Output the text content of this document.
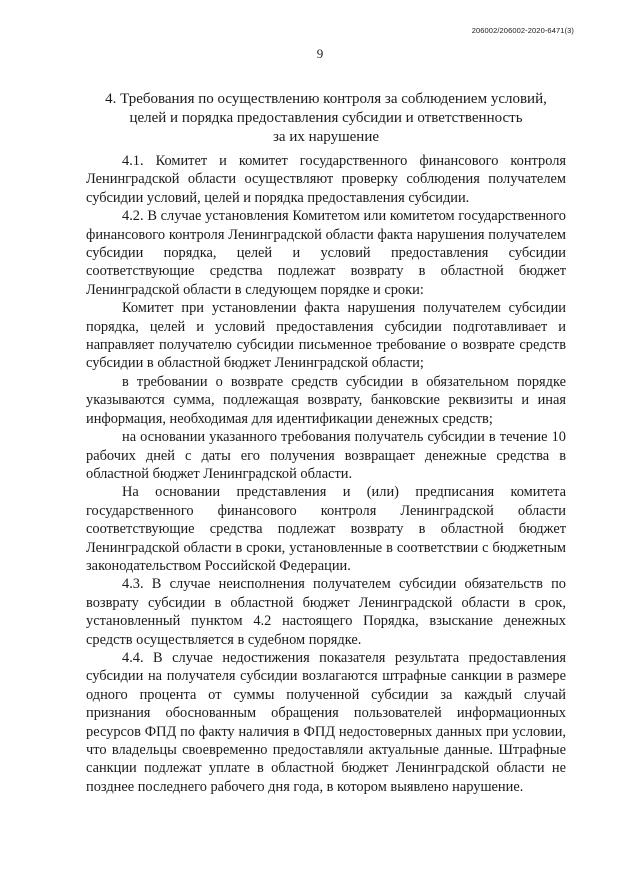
206002/206002-2020-6471(3)
9
4. Требования по осуществлению контроля за соблюдением условий,
целей и порядка предоставления субсидии и ответственность
за их нарушение

4.1. Комитет и комитет государственного финансового контроля Ленинградской области осуществляют проверку соблюдения получателем субсидии условий, целей и порядка предоставления субсидии.

4.2. В случае установления Комитетом или комитетом государственного финансового контроля Ленинградской области факта нарушения получателем субсидии порядка, целей и условий предоставления субсидии соответствующие средства подлежат возврату в областной бюджет Ленинградской области в следующем порядке и сроки:

Комитет при установлении факта нарушения получателем субсидии порядка, целей и условий предоставления субсидии подготавливает и направляет получателю субсидии письменное требование о возврате средств субсидии в областной бюджет Ленинградской области;

в требовании о возврате средств субсидии в обязательном порядке указываются сумма, подлежащая возврату, банковские реквизиты и иная информация, необходимая для идентификации денежных средств;

на основании указанного требования получатель субсидии в течение 10 рабочих дней с даты его получения возвращает денежные средства в областной бюджет Ленинградской области.

На основании представления и (или) предписания комитета государственного финансового контроля Ленинградской области соответствующие средства подлежат возврату в областной бюджет Ленинградской области в сроки, установленные в соответствии с бюджетным законодательством Российской Федерации.

4.3. В случае неисполнения получателем субсидии обязательств по возврату субсидии в областной бюджет Ленинградской области в срок, установленный пунктом 4.2 настоящего Порядка, взыскание денежных средств осуществляется в судебном порядке.

4.4. В случае недостижения показателя результата предоставления субсидии на получателя субсидии возлагаются штрафные санкции в размере одного процента от суммы полученной субсидии за каждый случай признания обоснованным обращения пользователей информационных ресурсов ФПД по факту наличия в ФПД недостоверных данных при условии, что владельцы своевременно предоставляли актуальные данные. Штрафные санкции подлежат уплате в областной бюджет Ленинградской области не позднее последнего рабочего дня года, в котором выявлено нарушение.
